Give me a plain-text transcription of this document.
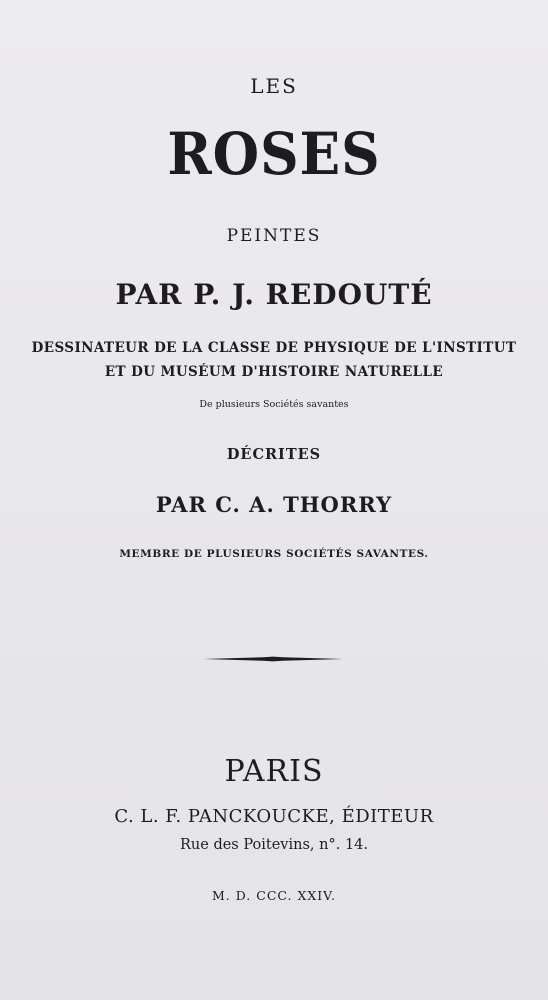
LES
ROSES
PEINTES
PAR P. J. REDOUTÉ
DESSINATEUR DE LA CLASSE DE PHYSIQUE DE L'INSTITUT
ET DU MUSÉUM D'HISTOIRE NATURELLE
De plusieurs Sociétés savantes
DÉCRITES
PAR C. A. THORRY
MEMBRE DE PLUSIEURS SOCIÉTÉS SAVANTES.
PARIS
C. L. F. PANCKOUCKE, ÉDITEUR
Rue des Poitevins, n°. 14.
M. D. CCC. XXIV.
